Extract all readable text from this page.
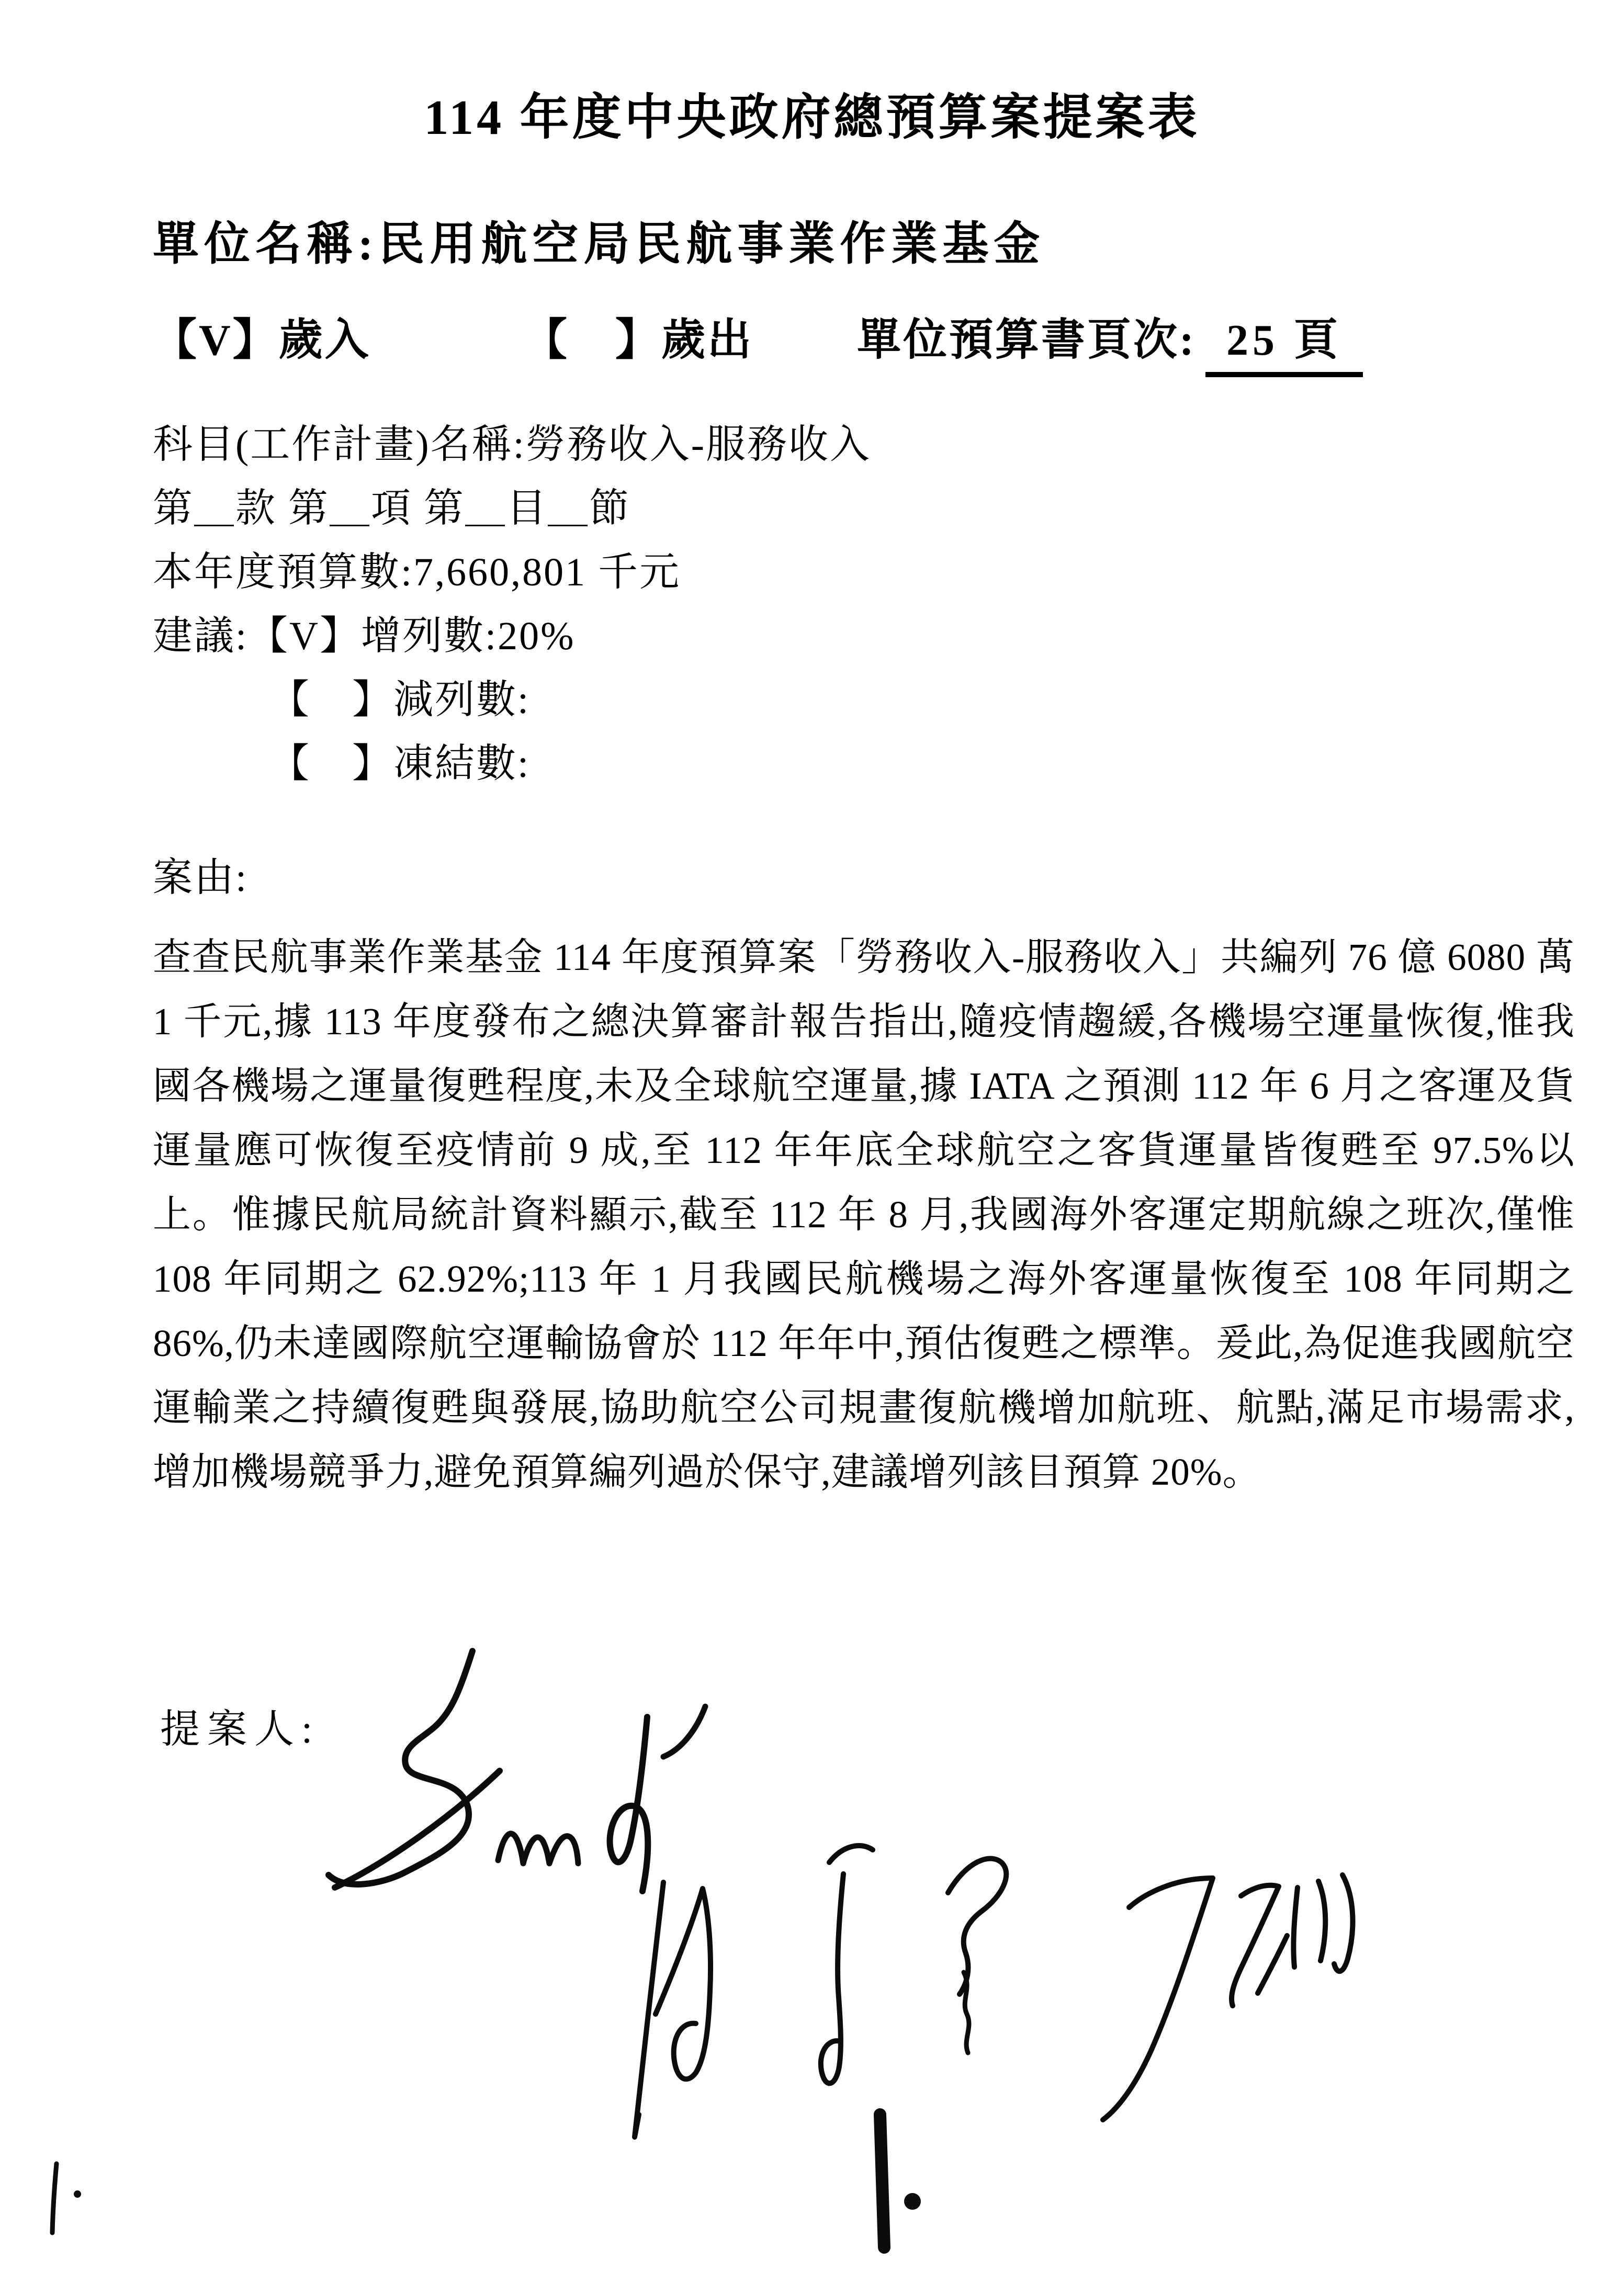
114 年度中央政府總預算案提案表
單位名稱:民用航空局民航事業作業基金
【V】歲入	【　】歲出 單位預算書頁次: 25 頁
科目(工作計畫)名稱:勞務收入-服務收入
第＿款 第＿項 第＿目＿節
本年度預算數:7,660,801 千元
建議:【V】增列數:20%
【　】減列數:
【　】凍結數:
案由:
查查民航事業作業基金 114 年度預算案「勞務收入-服務收入」共編列 76 億 6080 萬 1 千元,據 113 年度發布之總決算審計報告指出,隨疫情趨緩,各機場空運量恢復,惟我國各機場之運量復甦程度,未及全球航空運量,據 IATA 之預測 112 年 6 月之客運及貨運量應可恢復至疫情前 9 成,至 112 年年底全球航空之客貨運量皆復甦至 97.5%以上。惟據民航局統計資料顯示,截至 112 年 8 月,我國海外客運定期航線之班次,僅惟 108 年同期之 62.92%;113 年 1 月我國民航機場之海外客運量恢復至 108 年同期之 86%,仍未達國際航空運輸協會於 112 年年中,預估復甦之標準。爰此,為促進我國航空運輸業之持續復甦與發展,協助航空公司規畫復航機增加航班、航點,滿足市場需求,增加機場競爭力,避免預算編列過於保守,建議增列該目預算 20%。
提案人:
